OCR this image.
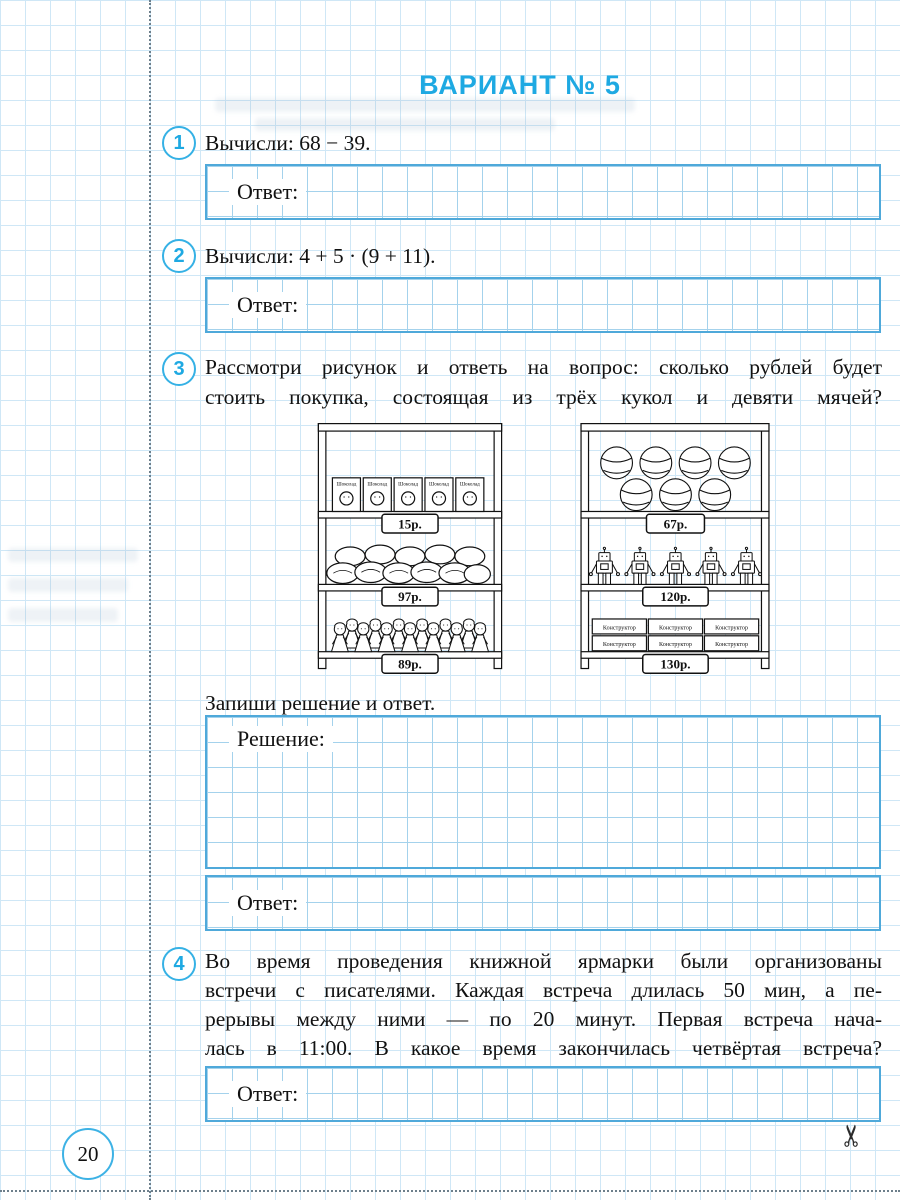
✂
ВАРИАНТ № 5
1 Вычисли: 68 − 39.
Ответ:
2 Вычисли: 4 + 5 · (9 + 11).
Ответ:
3 Рассмотри рисунок и ответь на вопрос: сколько рублей будет
стоить покупка, состоящая из трёх кукол и девяти мячей?
Шоколад Шоколад Шоколад Шоколад Шоколад
15р.
97р.
89р.
67р.
120р.
Конструктор	Конструктор	Конструктор
Конструктор	Конструктор	Конструктор
130р.
Запиши решение и ответ.
Решение:
Ответ:
4 Во время проведения книжной ярмарки были организованы
встречи с писателями. Каждая встреча длилась 50 мин, а пе-
рерывы между ними — по 20 минут. Первая встреча нача-
лась в 11:00. В какое время закончилась четвёртая встреча?
Ответ:
20
